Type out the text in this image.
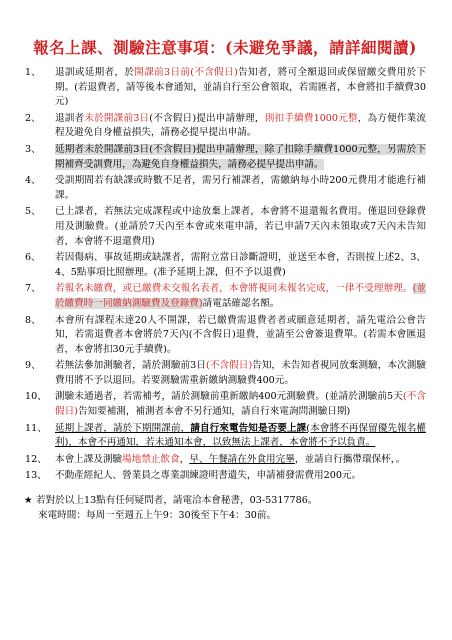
報名上課、測驗注意事項：(未避免爭議，請詳細閱讀)
1、	退訓或延期者，於開課前3日前(不含假日)告知者，將可全額退回或保留繳交費用於下期。(若退費者，請等後本會通知，並請自行至公會領取，若需匯者，本會將扣手續費30元)
2、	退訓者未於開課前3日(不含假日)提出申請辦理，則扣手續費1000元整，為方便作業流程及避免自身權益損失，請務必提早提出申請。
3、	延期者未於開課前3日(不含假日)提出申請辦理，除了扣除手續費1000元整，另需於下期補齊受訓費用，為避免自身權益損失，請務必提早提出申請。
4、	受訓期間若有缺課或時數不足者，需另行補課者，需繳納每小時200元費用才能進行補課。
5、	已上課者，若無法完成課程或中途放棄上課者，本會將不退還報名費用。僅退回登錄費用及測驗費。(並請於7天內至本會或來電申請，若已申請7天內未領取或7天內未告知者，本會將不退還費用)
6、	若因傷病、事故延期或缺課者，需附立當日診斷證明，並送至本會，否則按上述2、3、4、5點事項比照辦理。(准予延期上課，但不予以退費)
7、	若報名未繳費，或已繳費未交報名表者，本會將視同未報名完成，一律不受理辦理。(並於繳費時一同繳納測驗費及登錄費)請電話確認名額。
8、	本會所有課程未達20人不開課，若已繳費需退費者者或願意延期者，請先電洽公會告知，若需退費者本會將於7天內(不含假日)退費，並請至公會簽退費單。(若需本會匯退者，本會將扣30元手續費)。
9、	若無法參加測驗者，請於測驗前3日(不含假日)告知，未告知者視同放棄測驗，本次測驗費用將不予以退回。若要測驗需重新繳納測驗費400元。
10、 測驗未通過者，若需補考，請於測驗前重新繳納400元測驗費。(並請於測驗前5天(不含假日)告知要補測，補測者本會不另行通知，請自行來電詢問測驗日期)
11、 延期上課者，請於下期開課前，請自行來電告知是否要上課(本會將不再保留優先報名權利)，本會不再通知，若未通知本會，以致無法上課者，本會將不予以負責。
12、 本會上課及測驗場地禁止飲食，早、午餐請在外食用完畢，並請自行攜帶環保杯，。
13、 不動產經紀人、營業員之專業訓練證明書遺失，申請補發需費用200元。
★ 若對於以上13點有任何疑問者，請電洽本會秘書，03-5317786。
來電時間：每周一至週五上午9：30後至下午4：30前。
